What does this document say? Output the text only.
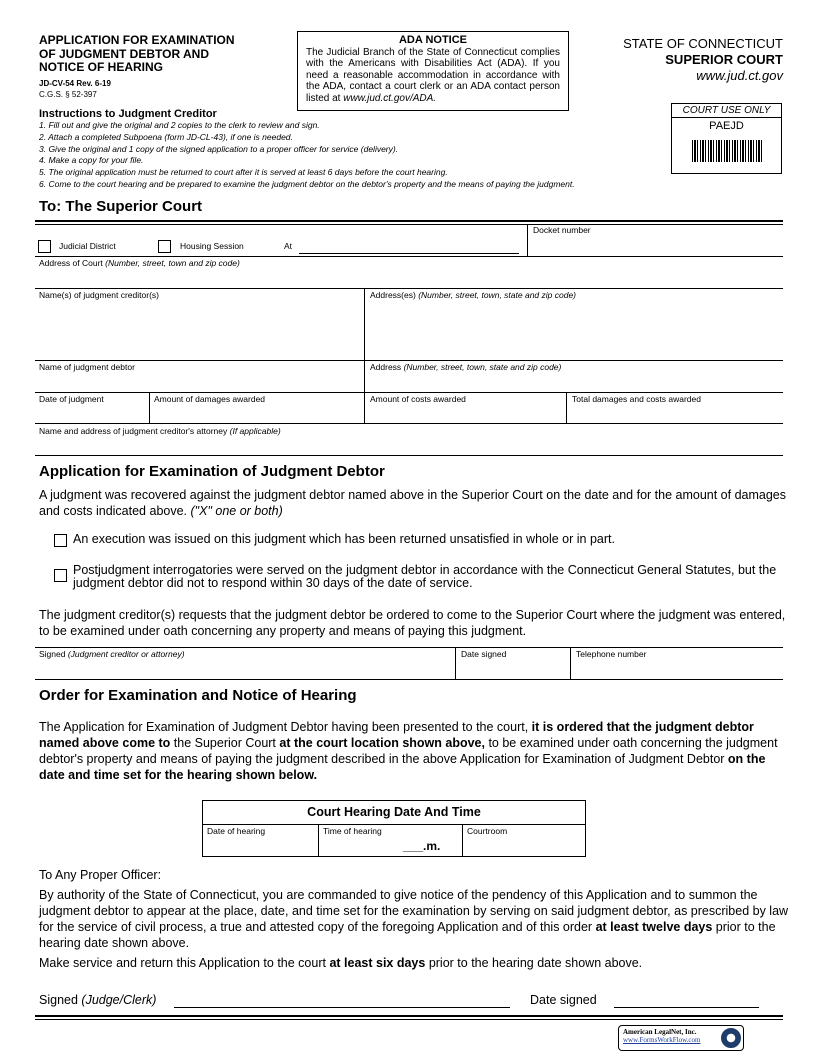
APPLICATION FOR EXAMINATION
OF JUDGMENT DEBTOR AND
NOTICE OF HEARING
JD-CV-54 Rev. 6-19
C.G.S. § 52-397
ADA NOTICE
The Judicial Branch of the State of Connecticut complies with the Americans with Disabilities Act (ADA). If you need a reasonable accommodation in accordance with the ADA, contact a court clerk or an ADA contact person listed at www.jud.ct.gov/ADA.
STATE OF CONNECTICUT
SUPERIOR COURT
www.jud.ct.gov
COURT USE ONLY
PAEJD
Instructions to Judgment Creditor
1. Fill out and give the original and 2 copies to the clerk to review and sign.
2. Attach a completed Subpoena (form JD-CL-43), if one is needed.
3. Give the original and 1 copy of the signed application to a proper officer for service (delivery).
4. Make a copy for your file.
5. The original application must be returned to court after it is served at least 6 days before the court hearing.
6. Come to the court hearing and be prepared to examine the judgment debtor on the debtor's property and the means of paying the judgment.
To: The Superior Court
Docket number
Judicial District	Housing Session	At
Address of Court (Number, street, town and zip code)
Name(s) of judgment creditor(s)	Address(es) (Number, street, town, state and zip code)
Name of judgment debtor	Address (Number, street, town, state and zip code)
Date of judgment	Amount of damages awarded	Amount of costs awarded	Total damages and costs awarded
Name and address of judgment creditor's attorney (If applicable)
Application for Examination of Judgment Debtor
A judgment was recovered against the judgment debtor named above in the Superior Court on the date and for the amount of damages and costs indicated above. ("X" one or both)
An execution was issued on this judgment which has been returned unsatisfied in whole or in part.
Postjudgment interrogatories were served on the judgment debtor in accordance with the Connecticut General Statutes, but the judgment debtor did not to respond within 30 days of the date of service.
The judgment creditor(s) requests that the judgment debtor be ordered to come to the Superior Court where the judgment was entered, to be examined under oath concerning any property and means of paying this judgment.
Signed (Judgment creditor or attorney)	Date signed	Telephone number
Order for Examination and Notice of Hearing
The Application for Examination of Judgment Debtor having been presented to the court, it is ordered that the judgment debtor named above come to the Superior Court at the court location shown above, to be examined under oath concerning the judgment debtor's property and means of paying the judgment described in the above Application for Examination of Judgment Debtor on the date and time set for the hearing shown below.
Court Hearing Date And Time
Date of hearing	Time of hearing	Courtroom
___.m.
To Any Proper Officer:
By authority of the State of Connecticut, you are commanded to give notice of the pendency of this Application and to summon the judgment debtor to appear at the place, date, and time set for the examination by serving on said judgment debtor, as prescribed by law for the service of civil process, a true and attested copy of the foregoing Application and of this order at least twelve days prior to the hearing date shown above.
Make service and return this Application to the court at least six days prior to the hearing date shown above.
Signed (Judge/Clerk)	Date signed
American LegalNet, Inc.
www.FormsWorkFlow.com
